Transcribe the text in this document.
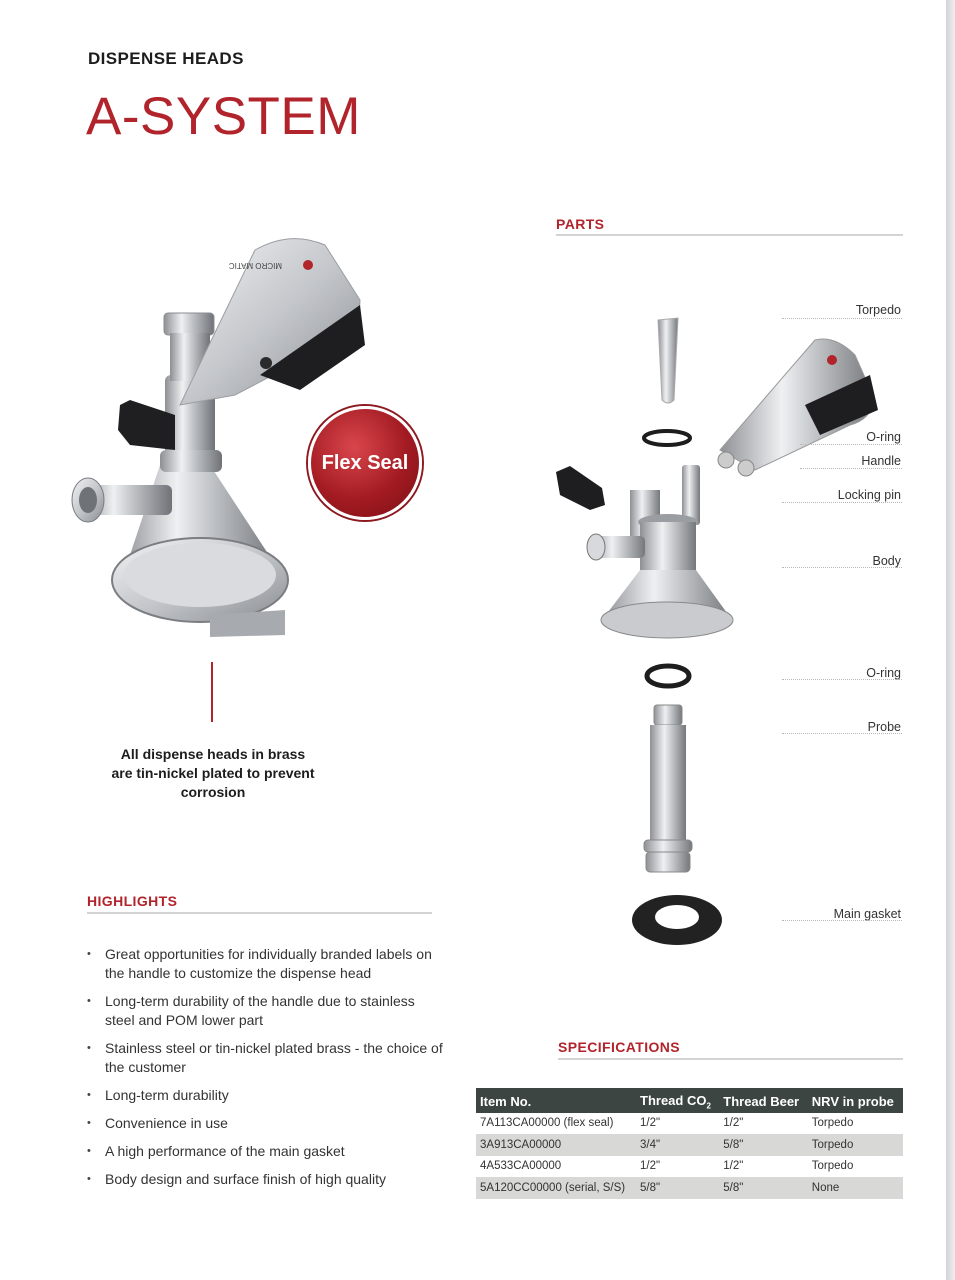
DISPENSE HEADS
A-SYSTEM
MICRO MATIC
Flex Seal
All dispense heads in brass
are tin-nickel plated to prevent
corrosion
HIGHLIGHTS
• Great opportunities for individually branded labels on the handle to customize the dispense head
• Long-term durability of the handle due to stainless steel and POM lower part
• Stainless steel or tin-nickel plated brass - the choice of the customer
• Long-term durability
• Convenience in use
• A high performance of the main gasket
• Body design and surface finish of high quality
PARTS
Torpedo
O-ring
Handle
Locking pin
Body
O-ring
Probe
Main gasket
SPECIFICATIONS
Item No.	Thread $CO_2$	Thread Beer	NRV in probe
7A113CA00000 (flex seal)	1/2"	1/2"	Torpedo
3A913CA00000	3/4"	5/8"	Torpedo
4A533CA00000	1/2"	1/2"	Torpedo
5A120CC00000 (serial, S/S)	5/8"	5/8"	None
